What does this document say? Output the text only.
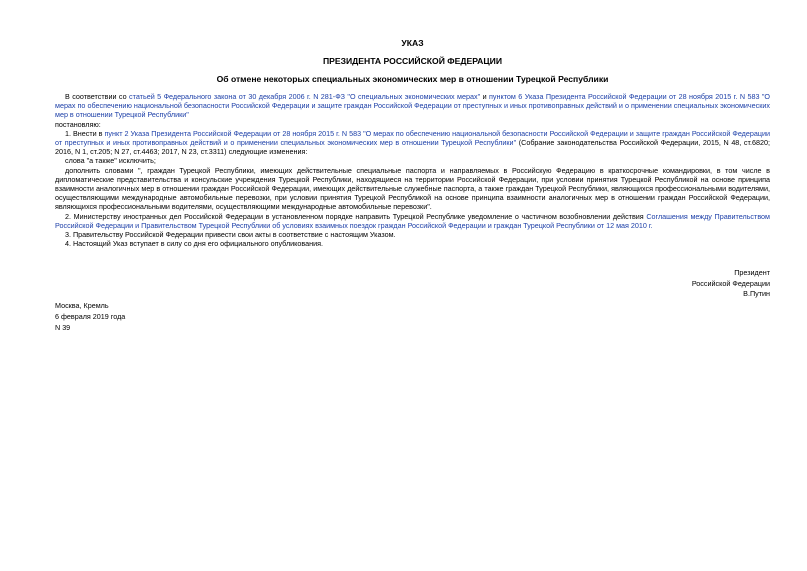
УКАЗ

ПРЕЗИДЕНТА РОССИЙСКОЙ ФЕДЕРАЦИИ

Об отмене некоторых специальных экономических мер в отношении Турецкой Республики

В соответствии со статьей 5 Федерального закона от 30 декабря 2006 г. N 281-ФЗ "О специальных экономических мерах" и пунктом 6 Указа Президента Российской Федерации от 28 ноября 2015 г. N 583 "О мерах по обеспечению национальной безопасности Российской Федерации и защите граждан Российской Федерации от преступных и иных противоправных действий и о применении специальных экономических мер в отношении Турецкой Республики"

постановляю:

1. Внести в пункт 2 Указа Президента Российской Федерации от 28 ноября 2015 г. N 583 "О мерах по обеспечению национальной безопасности Российской Федерации и защите граждан Российской Федерации от преступных и иных противоправных действий и о применении специальных экономических мер в отношении Турецкой Республики" (Собрание законодательства Российской Федерации, 2015, N 48, ст.6820; 2016, N 1, ст.205; N 27, ст.4463; 2017, N 23, ст.3311) следующие изменения:

слова "а также" исключить;

дополнить словами ", граждан Турецкой Республики, имеющих действительные специальные паспорта и направляемых в Российскую Федерацию в краткосрочные командировки, в том числе в дипломатические представительства и консульские учреждения Турецкой Республики, находящиеся на территории Российской Федерации, при условии принятия Турецкой Республикой на основе принципа взаимности аналогичных мер в отношении граждан Российской Федерации, имеющих действительные служебные паспорта, а также граждан Турецкой Республики, являющихся профессиональными водителями, осуществляющими международные автомобильные перевозки, при условии принятия Турецкой Республикой на основе принципа взаимности аналогичных мер в отношении граждан Российской Федерации, являющихся профессиональными водителями, осуществляющими международные автомобильные перевозки".

2. Министерству иностранных дел Российской Федерации в установленном порядке направить Турецкой Республике уведомление о частичном возобновлении действия Соглашения между Правительством Российской Федерации и Правительством Турецкой Республики об условиях взаимных поездок граждан Российской Федерации и граждан Турецкой Республики от 12 мая 2010 г.

3. Правительству Российской Федерации привести свои акты в соответствие с настоящим Указом.

4. Настоящий Указ вступает в силу со дня его официального опубликования.

Президент
Российской Федерации
В.Путин
Москва, Кремль
6 февраля 2019 года
N 39
